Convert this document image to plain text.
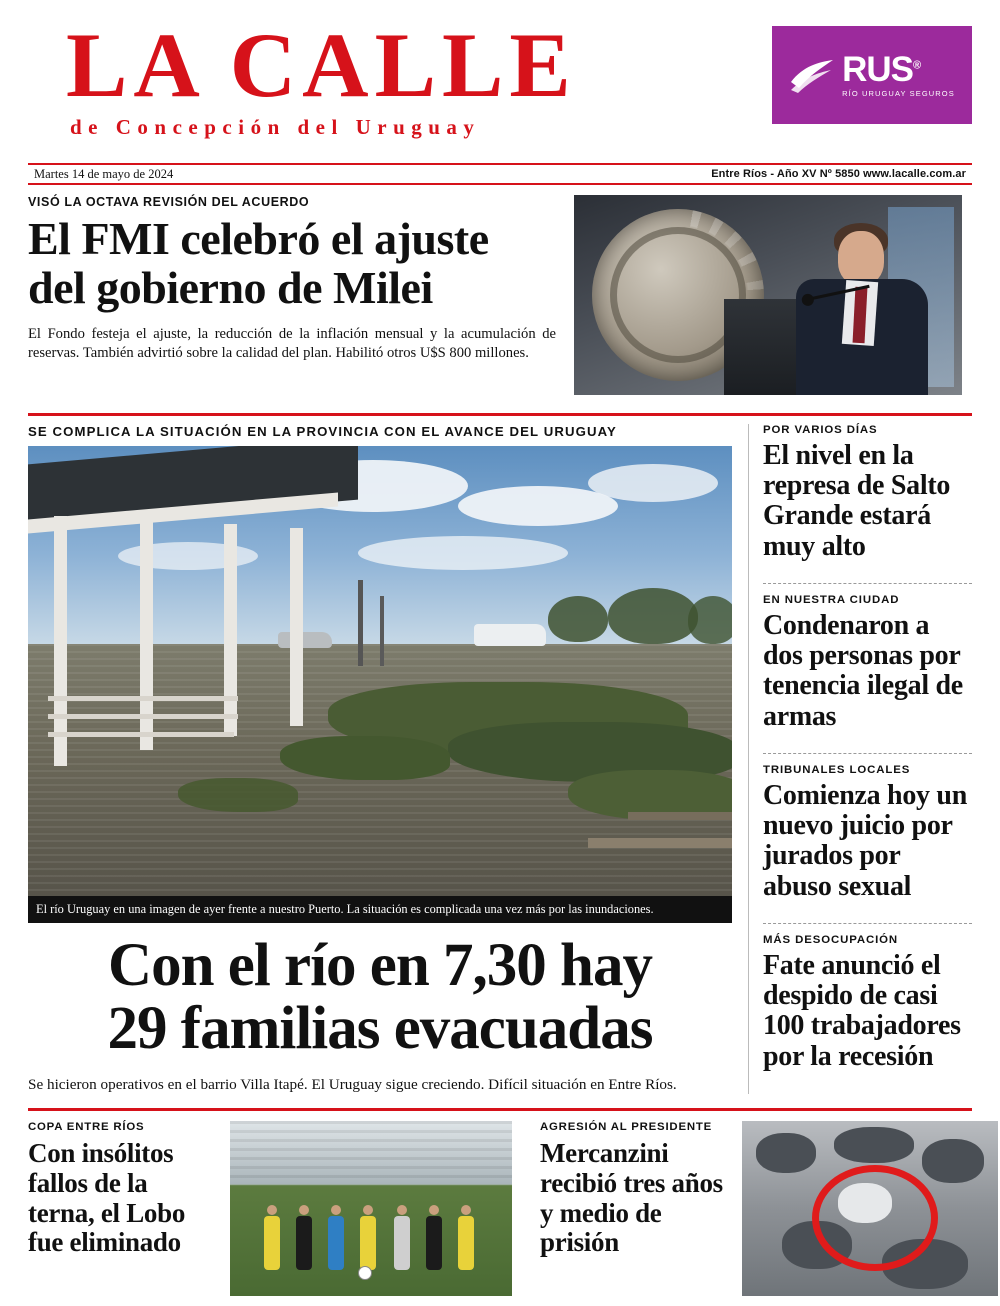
LA CALLE
de Concepción del Uruguay
RUS®
RÍO URUGUAY SEGUROS
Martes 14 de mayo de 2024	Entre Ríos - Año XV Nº 5850 www.lacalle.com.ar
VISÓ LA OCTAVA REVISIÓN DEL ACUERDO
El FMI celebró el ajuste
del gobierno de Milei
El Fondo festeja el ajuste, la reducción de la inflación mensual y la acumulación de reservas. También advirtió sobre la calidad del plan. Habilitó otros U$S 800 millones.
SE COMPLICA LA SITUACIÓN EN LA PROVINCIA CON EL AVANCE DEL URUGUAY
El río Uruguay en una imagen de ayer frente a nuestro Puerto. La situación es complicada una vez más por las inundaciones.
Con el río en 7,30 hay
29 familias evacuadas
Se hicieron operativos en el barrio Villa Itapé. El Uruguay sigue creciendo. Difícil situación en Entre Ríos.
POR VARIOS DÍAS
El nivel en la represa de Salto Grande estará muy alto
EN NUESTRA CIUDAD
Condenaron a dos personas por tenencia ilegal de armas
TRIBUNALES LOCALES
Comienza hoy un nuevo juicio por jurados por abuso sexual
MÁS DESOCUPACIÓN
Fate anunció el despido de casi 100 trabajadores por la recesión
COPA ENTRE RÍOS
Con insólitos fallos de la terna, el Lobo fue eliminado
AGRESIÓN AL PRESIDENTE
Mercanzini recibió tres años y medio de prisión
